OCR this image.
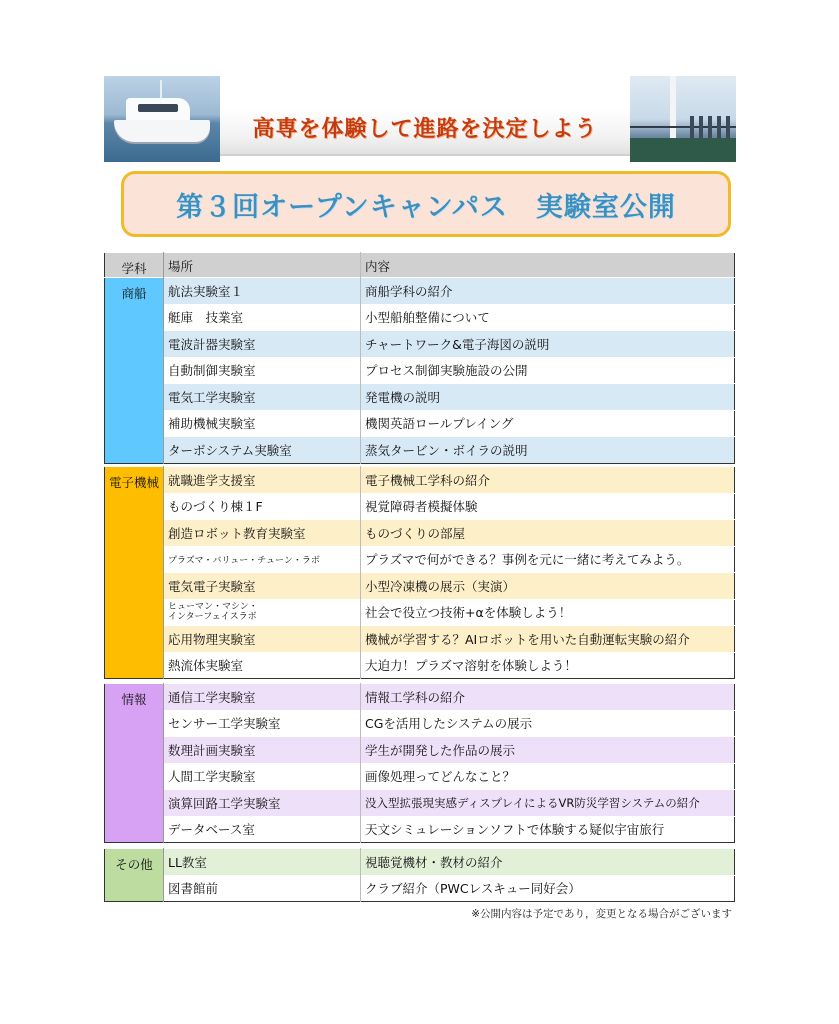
高専を体験して進路を決定しよう
第３回オープンキャンパス　実験室公開
学科	場所	内容
商船	航法実験室１	商船学科の紹介
	艇庫　技業室	小型船舶整備について
	電波計器実験室	チャートワーク&電子海図の説明
	自動制御実験室	プロセス制御実験施設の公開
	電気工学実験室	発電機の説明
	補助機械実験室	機関英語ロールプレイング
	ターボシステム実験室	蒸気タービン・ボイラの説明
電子機械	就職進学支援室	電子機械工学科の紹介
	ものづくり棟１F	視覚障碍者模擬体験
	創造ロボット教育実験室	ものづくりの部屋
	プラズマ・バリュー・チューン・ラボ	プラズマで何ができる？事例を元に一緒に考えてみよう。
	電気電子実験室	小型冷凍機の展示（実演）

	ヒューマン・マシン・
インターフェイスラボ	社会で役立つ技術+αを体験しよう！
	応用物理実験室	機械が学習する？AIロボットを用いた自動運転実験の紹介
	熱流体実験室	大迫力！プラズマ溶射を体験しよう！
情報	通信工学実験室	情報工学科の紹介
	センサー工学実験室	CGを活用したシステムの展示
	数理計画実験室	学生が開発した作品の展示
	人間工学実験室	画像処理ってどんなこと？
	演算回路工学実験室	没入型拡張現実感ディスプレイによるVR防災学習システムの紹介
	データベース室	天文シミュレーションソフトで体験する疑似宇宙旅行
その他	LL教室	視聴覚機材・教材の紹介
	図書館前	クラブ紹介（PWCレスキュー同好会）
※公開内容は予定であり，変更となる場合がございます
